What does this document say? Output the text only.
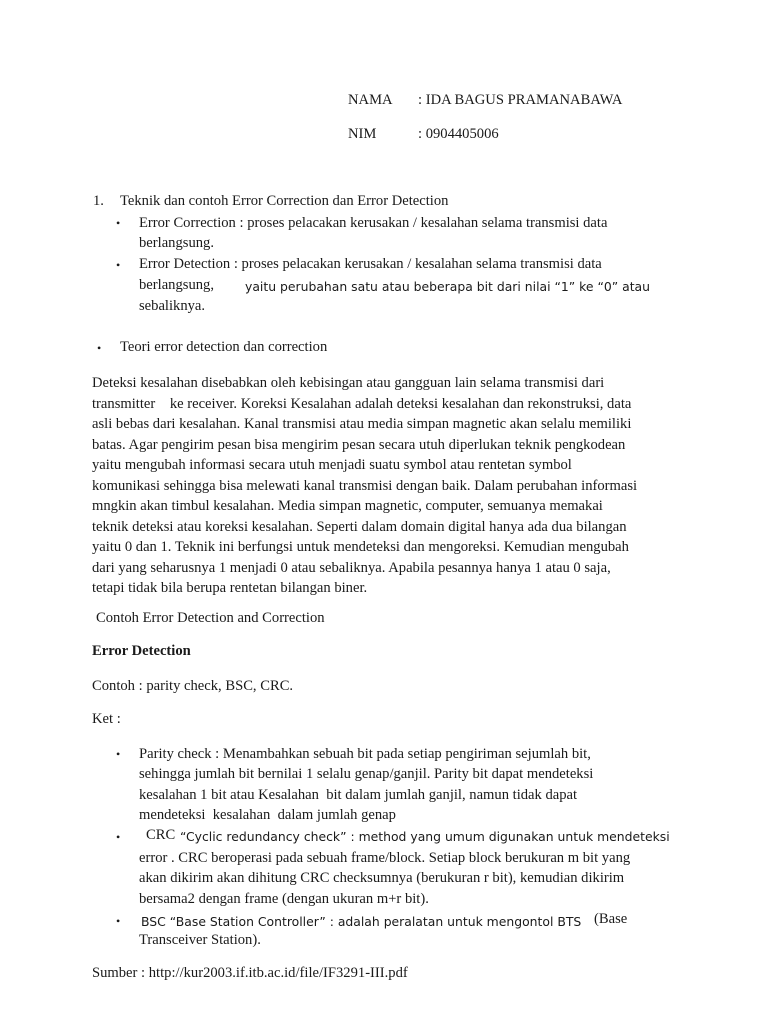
NAMA : IDA BAGUS PRAMANABAWA
NIM	: 0904405006
1. Teknik dan contoh Error Correction dan Error Detection
• Error Correction : proses pelacakan kerusakan / kesalahan selama transmisi data
berlangsung.
• Error Detection : proses pelacakan kerusakan / kesalahan selama transmisi data
berlangsung,	yaitu perubahan satu atau beberapa bit dari nilai “1” ke “0” atau
sebaliknya.
• Teori error detection dan correction
Deteksi kesalahan disebabkan oleh kebisingan atau gangguan lain selama transmisi dari
transmitter    ke receiver. Koreksi Kesalahan adalah deteksi kesalahan dan rekonstruksi, data
asli bebas dari kesalahan. Kanal transmisi atau media simpan magnetic akan selalu memiliki
batas. Agar pengirim pesan bisa mengirim pesan secara utuh diperlukan teknik pengkodean
yaitu mengubah informasi secara utuh menjadi suatu symbol atau rentetan symbol
komunikasi sehingga bisa melewati kanal transmisi dengan baik. Dalam perubahan informasi
mngkin akan timbul kesalahan. Media simpan magnetic, computer, semuanya memakai
teknik deteksi atau koreksi kesalahan. Seperti dalam domain digital hanya ada dua bilangan
yaitu 0 dan 1. Teknik ini berfungsi untuk mendeteksi dan mengoreksi. Kemudian mengubah
dari yang seharusnya 1 menjadi 0 atau sebaliknya. Apabila pesannya hanya 1 atau 0 saja,
tetapi tidak bila berupa rentetan bilangan biner.
Contoh Error Detection and Correction
Error Detection
Contoh : parity check, BSC, CRC.
Ket :
• Parity check : Menambahkan sebuah bit pada setiap pengiriman sejumlah bit,
sehingga jumlah bit bernilai 1 selalu genap/ganjil. Parity bit dapat mendeteksi
kesalahan 1 bit atau Kesalahan  bit dalam jumlah ganjil, namun tidak dapat
mendeteksi  kesalahan  dalam jumlah genap
• CRC “Cyclic redundancy check” : method yang umum digunakan untuk mendeteksi
error . CRC beroperasi pada sebuah frame/block. Setiap block berukuran m bit yang
akan dikirim akan dihitung CRC checksumnya (berukuran r bit), kemudian dikirim
bersama2 dengan frame (dengan ukuran m+r bit).
• BSC “Base Station Controller” : adalah peralatan untuk mengontol BTS (Base
Transceiver Station).
Sumber : http://kur2003.if.itb.ac.id/file/IF3291-III.pdf
